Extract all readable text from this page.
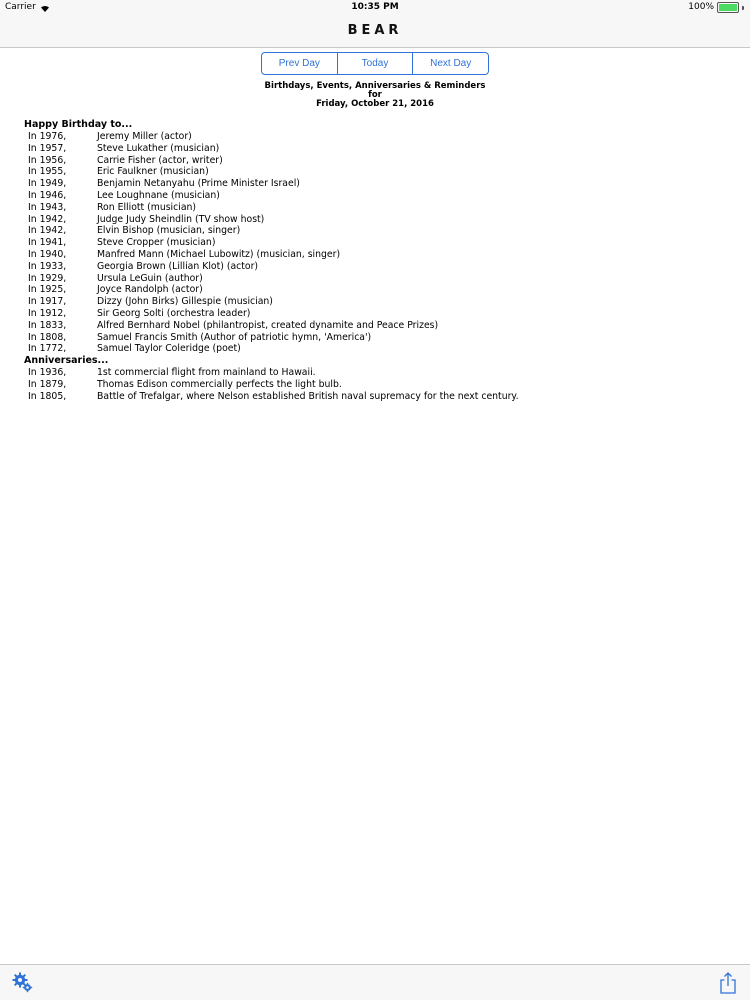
Carrier	10:35 PM	100%
BEAR
Prev Day	Today	Next Day
Birthdays, Events, Anniversaries & Reminders
for
Friday, October 21, 2016
Happy Birthday to...
In 1976,	Jeremy Miller (actor)
In 1957,	Steve Lukather (musician)
In 1956,	Carrie Fisher (actor, writer)
In 1955,	Eric Faulkner (musician)
In 1949,	Benjamin Netanyahu (Prime Minister Israel)
In 1946,	Lee Loughnane (musician)
In 1943,	Ron Elliott (musician)
In 1942,	Judge Judy Sheindlin (TV show host)
In 1942,	Elvin Bishop (musician, singer)
In 1941,	Steve Cropper (musician)
In 1940,	Manfred Mann (Michael Lubowitz) (musician, singer)
In 1933,	Georgia Brown (Lillian Klot) (actor)
In 1929,	Ursula LeGuin (author)
In 1925,	Joyce Randolph (actor)
In 1917,	Dizzy (John Birks) Gillespie (musician)
In 1912,	Sir Georg Solti (orchestra leader)
In 1833,	Alfred Bernhard Nobel (philantropist, created dynamite and Peace Prizes)
In 1808,	Samuel Francis Smith (Author of patriotic hymn, 'America')
In 1772,	Samuel Taylor Coleridge (poet)
Anniversaries...
In 1936,	1st commercial flight from mainland to Hawaii.
In 1879,	Thomas Edison commercially perfects the light bulb.
In 1805,	Battle of Trefalgar, where Nelson established British naval supremacy for the next century.
